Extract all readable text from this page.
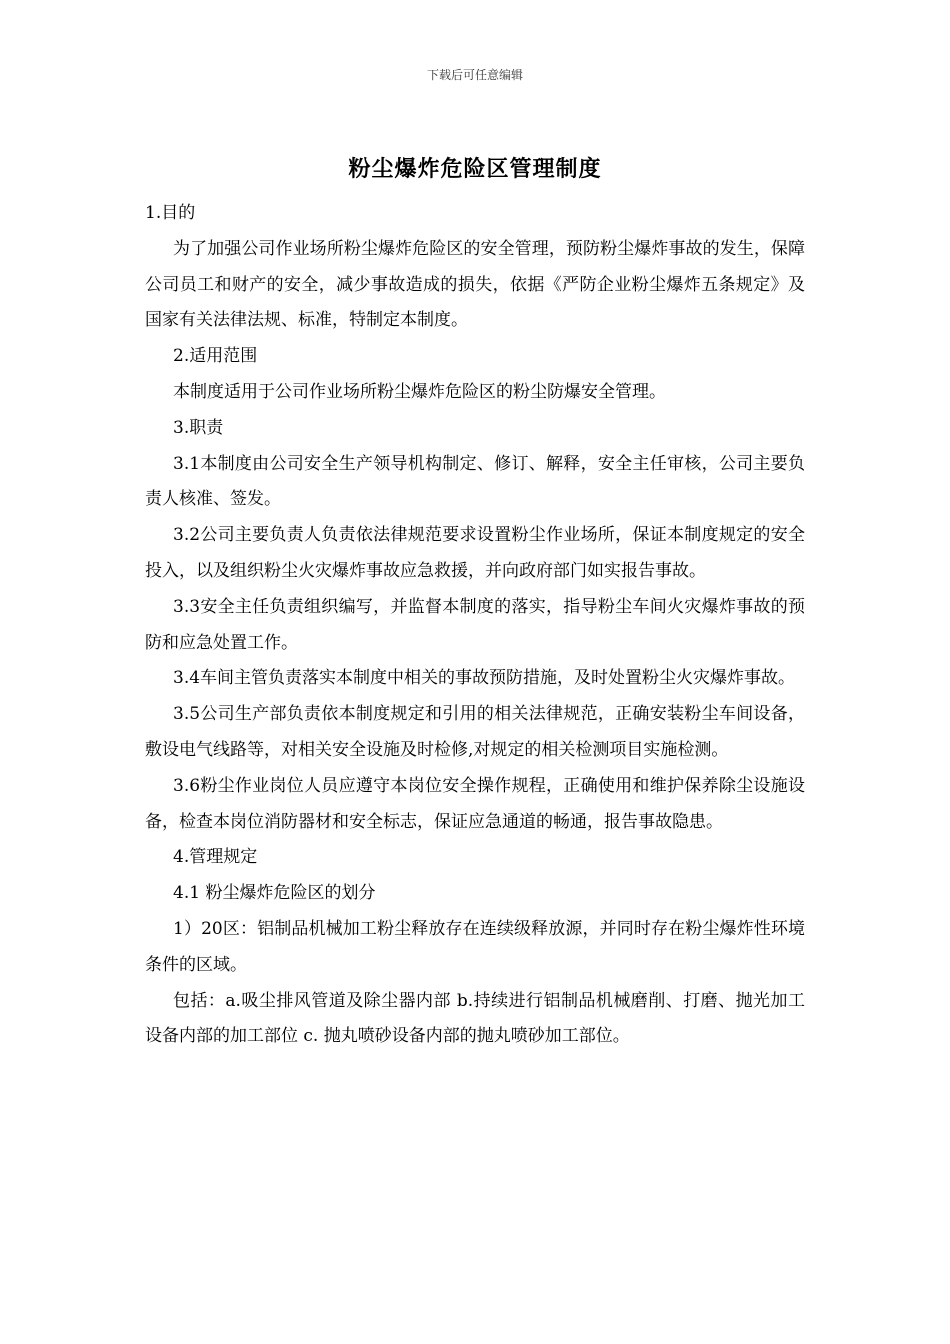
下载后可任意编辑
粉尘爆炸危险区管理制度

1.目的

为了加强公司作业场所粉尘爆炸危险区的安全管理，预防粉尘爆炸事故的发生，保障公司员工和财产的安全，减少事故造成的损失，依据《严防企业粉尘爆炸五条规定》及国家有关法律法规、标准，特制定本制度。

2.适用范围

本制度适用于公司作业场所粉尘爆炸危险区的粉尘防爆安全管理。

3.职责

3.1本制度由公司安全生产领导机构制定、修订、解释，安全主任审核，公司主要负责人核准、签发。

3.2公司主要负责人负责依法律规范要求设置粉尘作业场所，保证本制度规定的安全投入，以及组织粉尘火灾爆炸事故应急救援，并向政府部门如实报告事故。

3.3安全主任负责组织编写，并监督本制度的落实，指导粉尘车间火灾爆炸事故的预防和应急处置工作。

3.4车间主管负责落实本制度中相关的事故预防措施，及时处置粉尘火灾爆炸事故。

3.5公司生产部负责依本制度规定和引用的相关法律规范，正确安装粉尘车间设备，敷设电气线路等，对相关安全设施及时检修,对规定的相关检测项目实施检测。

3.6粉尘作业岗位人员应遵守本岗位安全操作规程，正确使用和维护保养除尘设施设备，检查本岗位消防器材和安全标志，保证应急通道的畅通，报告事故隐患。

4.管理规定

4.1 粉尘爆炸危险区的划分

1）20区：铝制品机械加工粉尘释放存在连续级释放源，并同时存在粉尘爆炸性环境条件的区域。

包括：a.吸尘排风管道及除尘器内部 b.持续进行铝制品机械磨削、打磨、抛光加工设备内部的加工部位 c. 抛丸喷砂设备内部的抛丸喷砂加工部位。
